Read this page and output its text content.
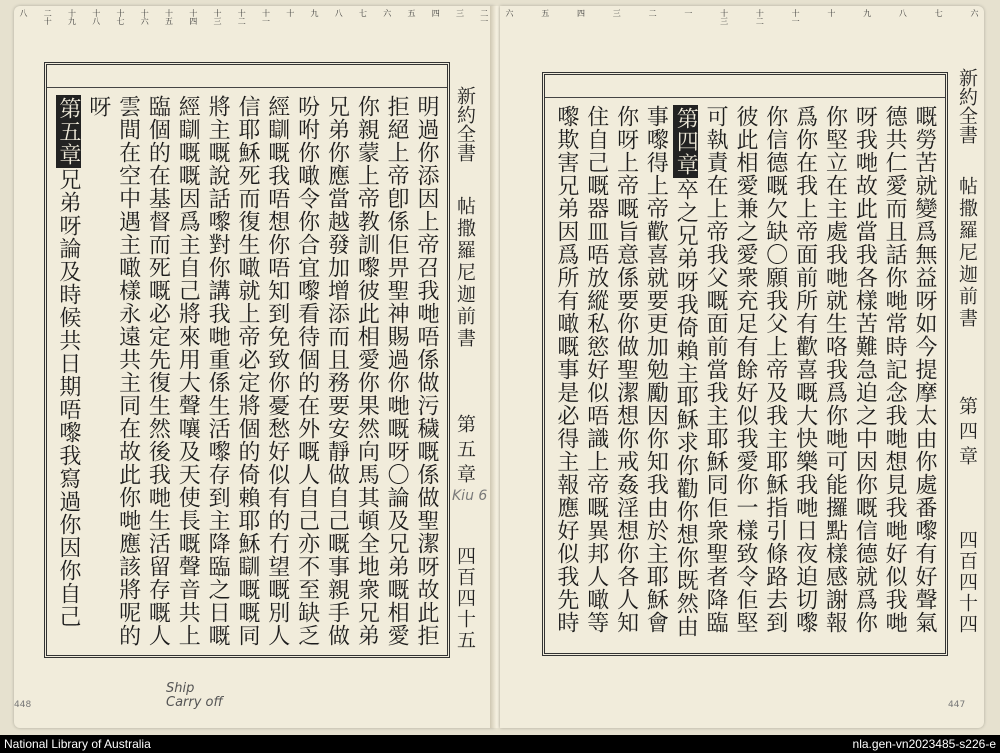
二一
三
四
五
六
七
八
九
十
十一
十二
十三
十四
十五
十六
十七
十八
十九
二十
八
明過你添因上帝召我哋唔係做污穢嘅係做聖潔呀故此拒
拒絕上帝卽係佢畀聖神賜過你哋嘅呀〇論及兄弟嘅相愛
你親蒙上帝教訓嚟彼此相愛你果然向馬其頓全地衆兄弟
兄弟你應當越發加增添而且務要安靜做自己嘅事親手做
吩咐你噉令你合宜嚟看待個的在外嘅人自己亦不至缺乏
經瞓嘅我唔想你唔知到免致你憂愁好似有的冇望嘅別人
信耶穌死而復生噉就上帝必定將個的倚賴耶穌瞓嘅嘅同
將主嘅說話嚟對你講我哋重係生活嚟存到主降臨之日嘅
經瞓嘅嘅因爲主自己將來用大聲嚷及天使長嘅聲音共上
臨個的在基督而死嘅必定先復生然後我哋生活留存嘅人
雲間在空中遇主噉樣永遠共主同在故此你哋應該將呢的
呀
第五章兄弟呀論及時候共日期唔嚟我寫過你因你自己
新約全書
帖撒羅尼迦前書
第五章
四百四十五
六
七
八
九
十
十一
十二
十三
一
二
三
四
五
六
嘅勞苦就變爲無益呀如今提摩太由你處番嚟有好聲氣
德共仁愛而且話你哋常時記念我哋想見我哋好似我哋
呀我哋故此當我各樣苦難急迫之中因你嘅信德就爲你
你堅立在主處我哋就生咯我爲你哋可能攞點樣感謝報
爲你在我上帝面前所有歡喜嘅大快樂我哋日夜迫切嚟
你信德嘅欠缺〇願我父上帝及我主耶穌指引條路去到
彼此相愛兼之愛衆充足有餘好似我愛你一樣致令佢堅
可執責在上帝我父嘅面前當我主耶穌同佢衆聖者降臨
第四章卒之兄弟呀我倚賴主耶穌求你勸你想你既然由
事嚟得上帝歡喜就要更加勉勵因你知我由於主耶穌會
你呀上帝嘅旨意係要你做聖潔想你戒姦淫想你各人知
住自己嘅器皿唔放縱私慾好似唔識上帝嘅異邦人噉等
嚟欺害兄弟因爲所有噉嘅事是必得主報應好似我先時
新約全書
帖撒羅尼迦前書
第四章
四百四十四
Kiu 6
Ship
Carry off
448	447
National Library of Australia	nla.gen-vn2023485-s226-e
